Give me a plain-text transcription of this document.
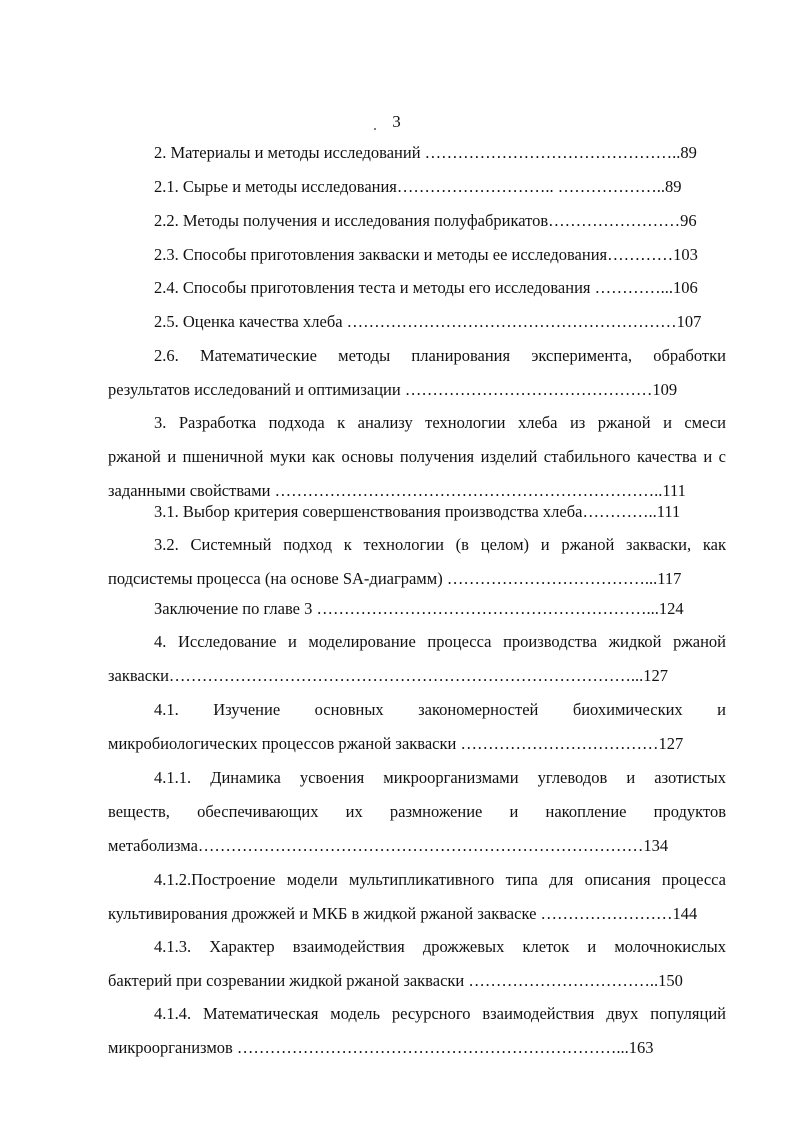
3
2. Материалы и методы исследований ………………………………………..89
2.1. Сырье и методы исследования……………………….. ………………..89
2.2. Методы получения и исследования полуфабрикатов……………………96
2.3. Способы приготовления закваски и методы ее исследования…………103
2.4. Способы приготовления теста и методы его исследования …………...106
2.5. Оценка качества хлеба ……………………………………………………107
2.6. Математические методы планирования эксперимента, обработки
результатов исследований и оптимизации ………………………………………109
3. Разработка подхода к анализу технологии хлеба из ржаной и смеси
ржаной и пшеничной муки как основы получения изделий стабильного качества и с
заданными свойствами ……………………………………………………………..111
3.1. Выбор критерия совершенствования производства хлеба…………..111
3.2. Системный подход к технологии (в целом) и ржаной закваски, как
подсистемы процесса (на основе SA-диаграмм) ………………………………...117
Заключение по главе 3 ……………………………………………………...124
4. Исследование и моделирование процесса производства жидкой ржаной
закваски…………………………………………………………………………...127
4.1. Изучение основных закономерностей биохимических и
микробиологических процессов ржаной закваски ………………………………127
4.1.1. Динамика усвоения микроорганизмами углеводов и азотистых
веществ, обеспечивающих их размножение и накопление продуктов
метаболизма………………………………………………………………………134
4.1.2.Построение модели мультипликативного типа для описания процесса
культивирования дрожжей и МКБ в жидкой ржаной закваске ……………………144
4.1.3. Характер взаимодействия дрожжевых клеток и молочнокислых
бактерий при созревании жидкой ржаной закваски ……………………………..150
4.1.4. Математическая модель ресурсного взаимодействия двух популяций
микроорганизмов ……………………………………………………………...163
